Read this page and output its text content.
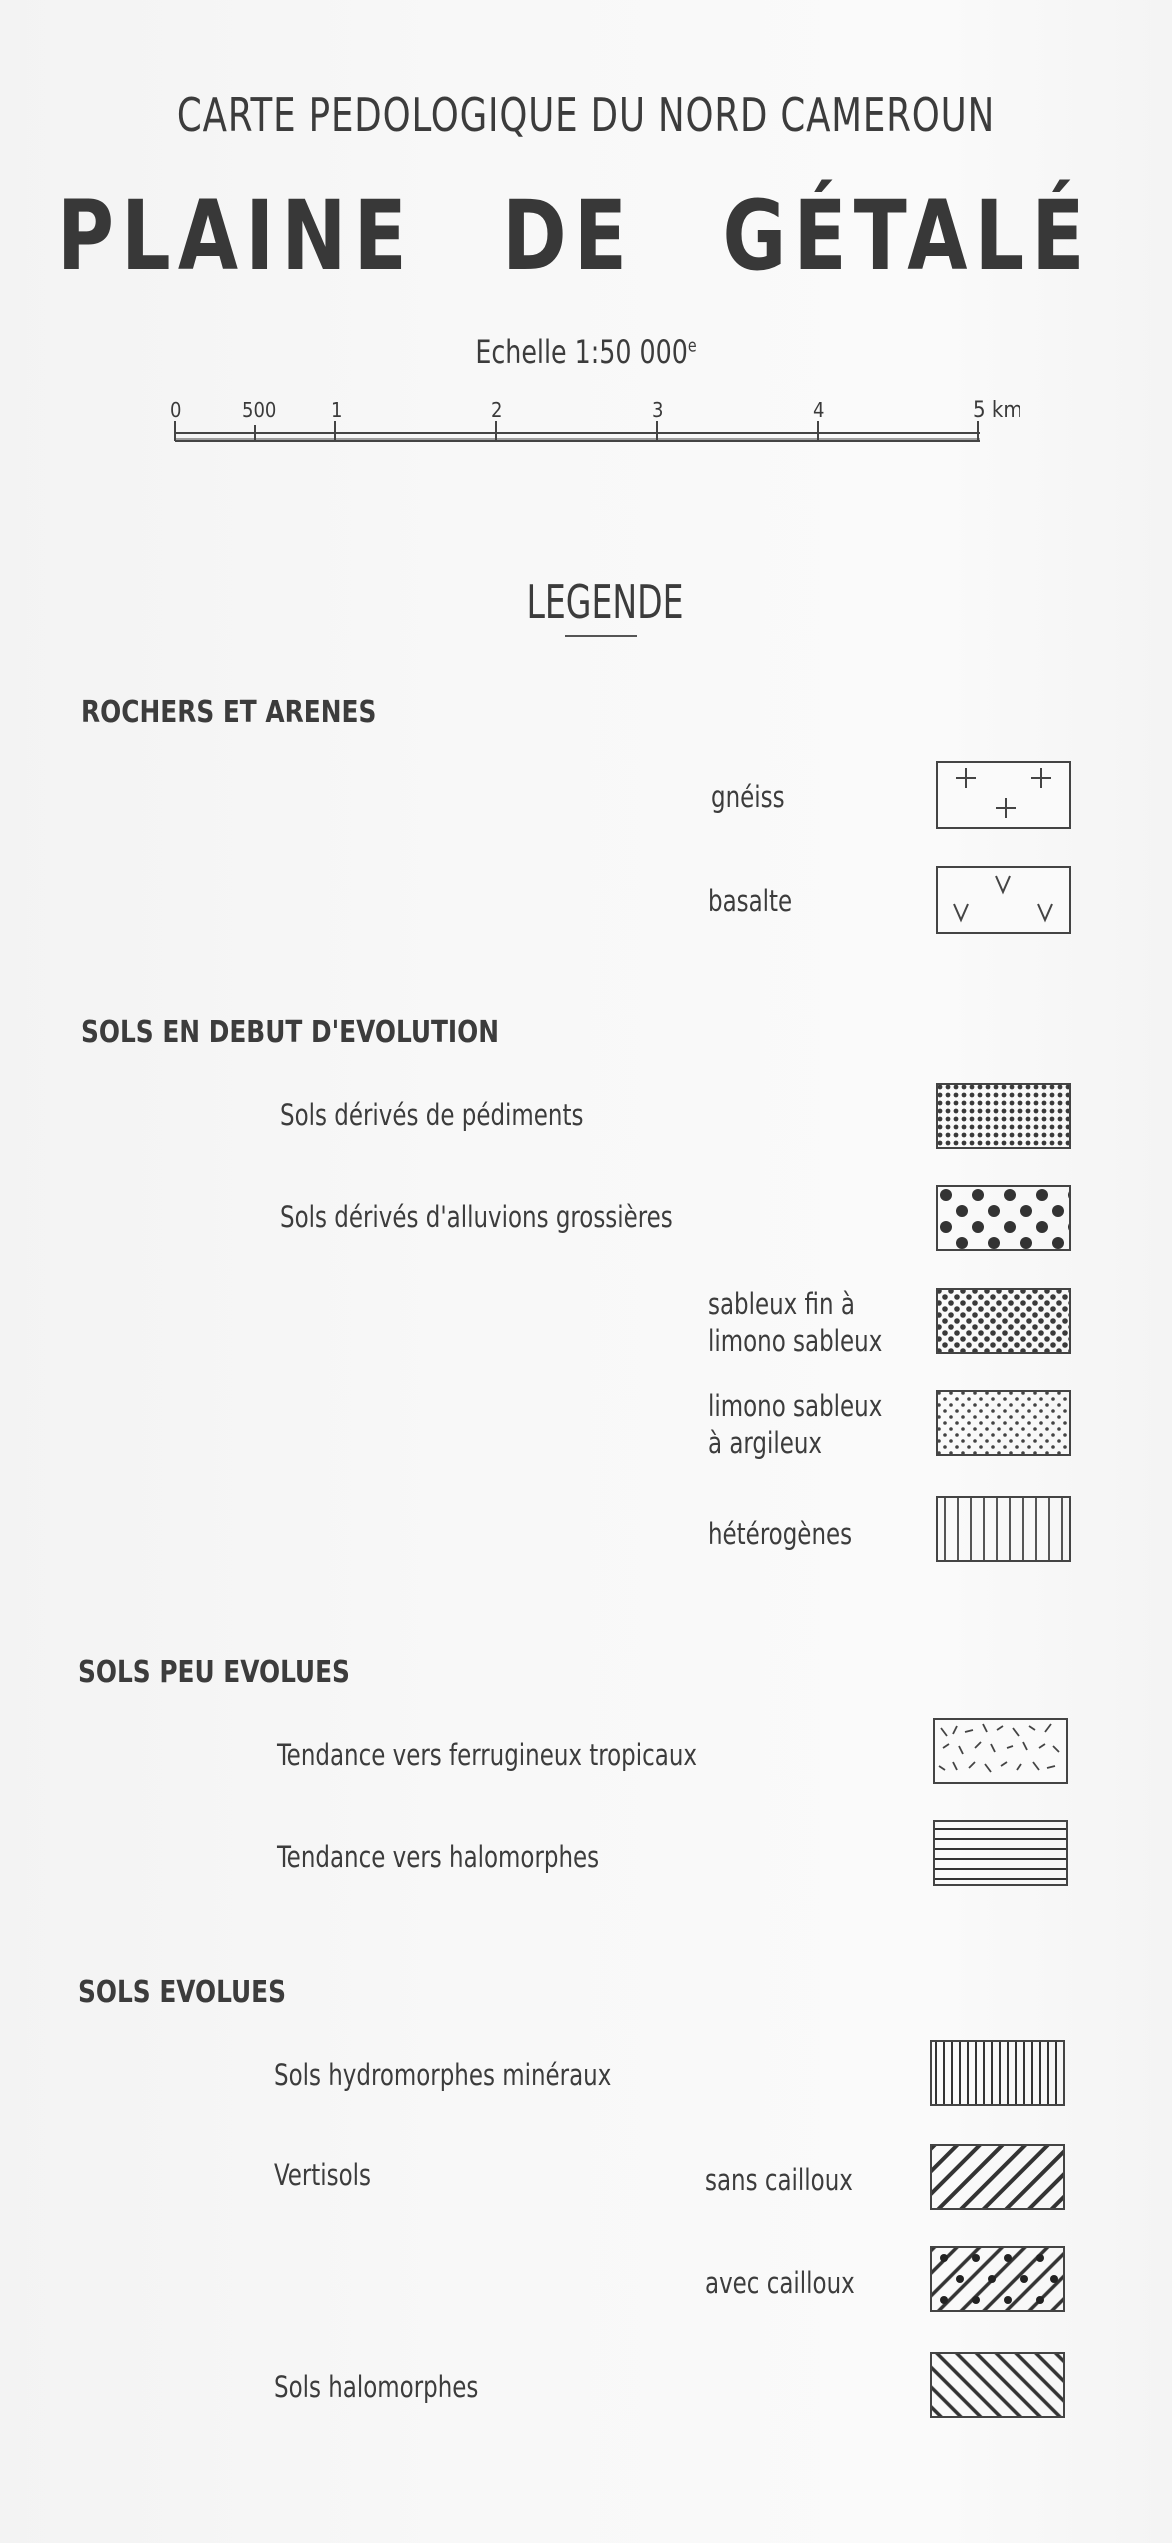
CARTE PEDOLOGIQUE DU NORD CAMEROUN
PLAINE DE GÉTALÉ
Echelle 1:50 000e
0	500	1	2	3	4	5 km
LEGENDE
ROCHERS ET ARENES
gnéiss
basalte
SOLS EN DEBUT D'EVOLUTION
Sols dérivés de pédiments
Sols dérivés d'alluvions grossières
sableux fin à
limono sableux
limono sableux
à argileux
hétérogènes
SOLS PEU EVOLUES
Tendance vers ferrugineux tropicaux
Tendance vers halomorphes
SOLS EVOLUES
Sols hydromorphes minéraux
Vertisols	sans cailloux
avec cailloux
Sols halomorphes
